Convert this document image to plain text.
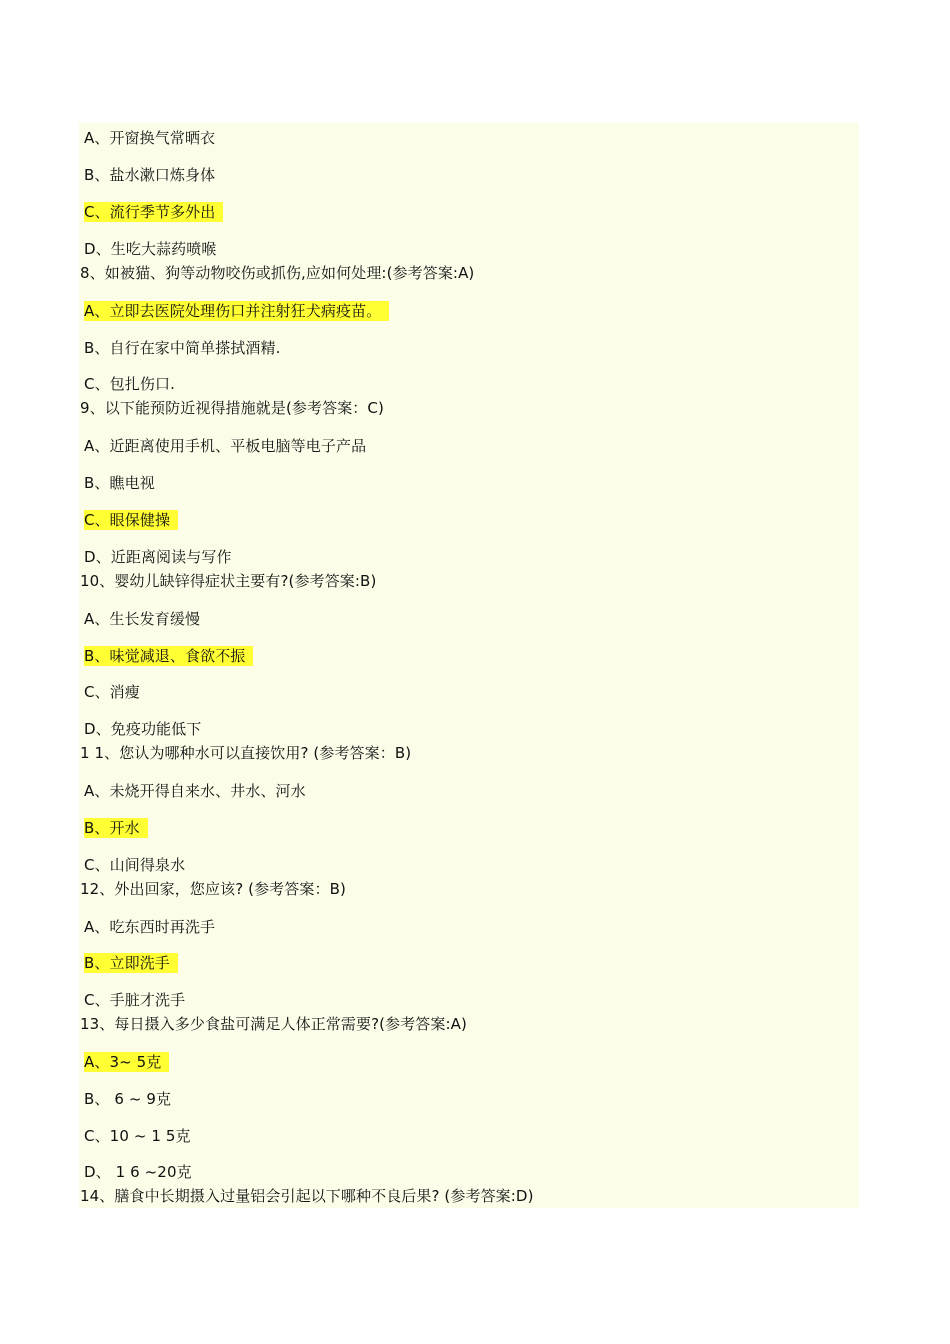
A、开窗换气常晒衣
B、盐水漱口炼身体
C、流行季节多外出
D、生吃大蒜药喷喉
8、如被猫、狗等动物咬伤或抓伤,应如何处理:(参考答案:A)
A、立即去医院处理伤口并注射狂犬病疫苗。
B、自行在家中简单搽拭酒精.
C、包扎伤口.
9、以下能预防近视得措施就是(参考答案：C)
A、近距离使用手机、平板电脑等电子产品
B、瞧电视
C、眼保健操
D、近距离阅读与写作
10、婴幼儿缺锌得症状主要有?(参考答案:B)
A、生长发育缓慢
B、味觉减退、食欲不振
C、消瘦
D、免疫功能低下
1 1、您认为哪种水可以直接饮用? (参考答案：B)
A、未烧开得自来水、井水、河水
B、开水
C、山间得泉水
12、外出回家，您应该? (参考答案：B)
A、吃东西时再洗手
B、立即洗手
C、手脏才洗手
13、每日摄入多少食盐可满足人体正常需要?(参考答案:A)
A、3~ 5克
B、 6 ~ 9克
C、10 ~ 1 5克
D、 1 6 ~20克
14、膳食中长期摄入过量铝会引起以下哪种不良后果? (参考答案:D)
